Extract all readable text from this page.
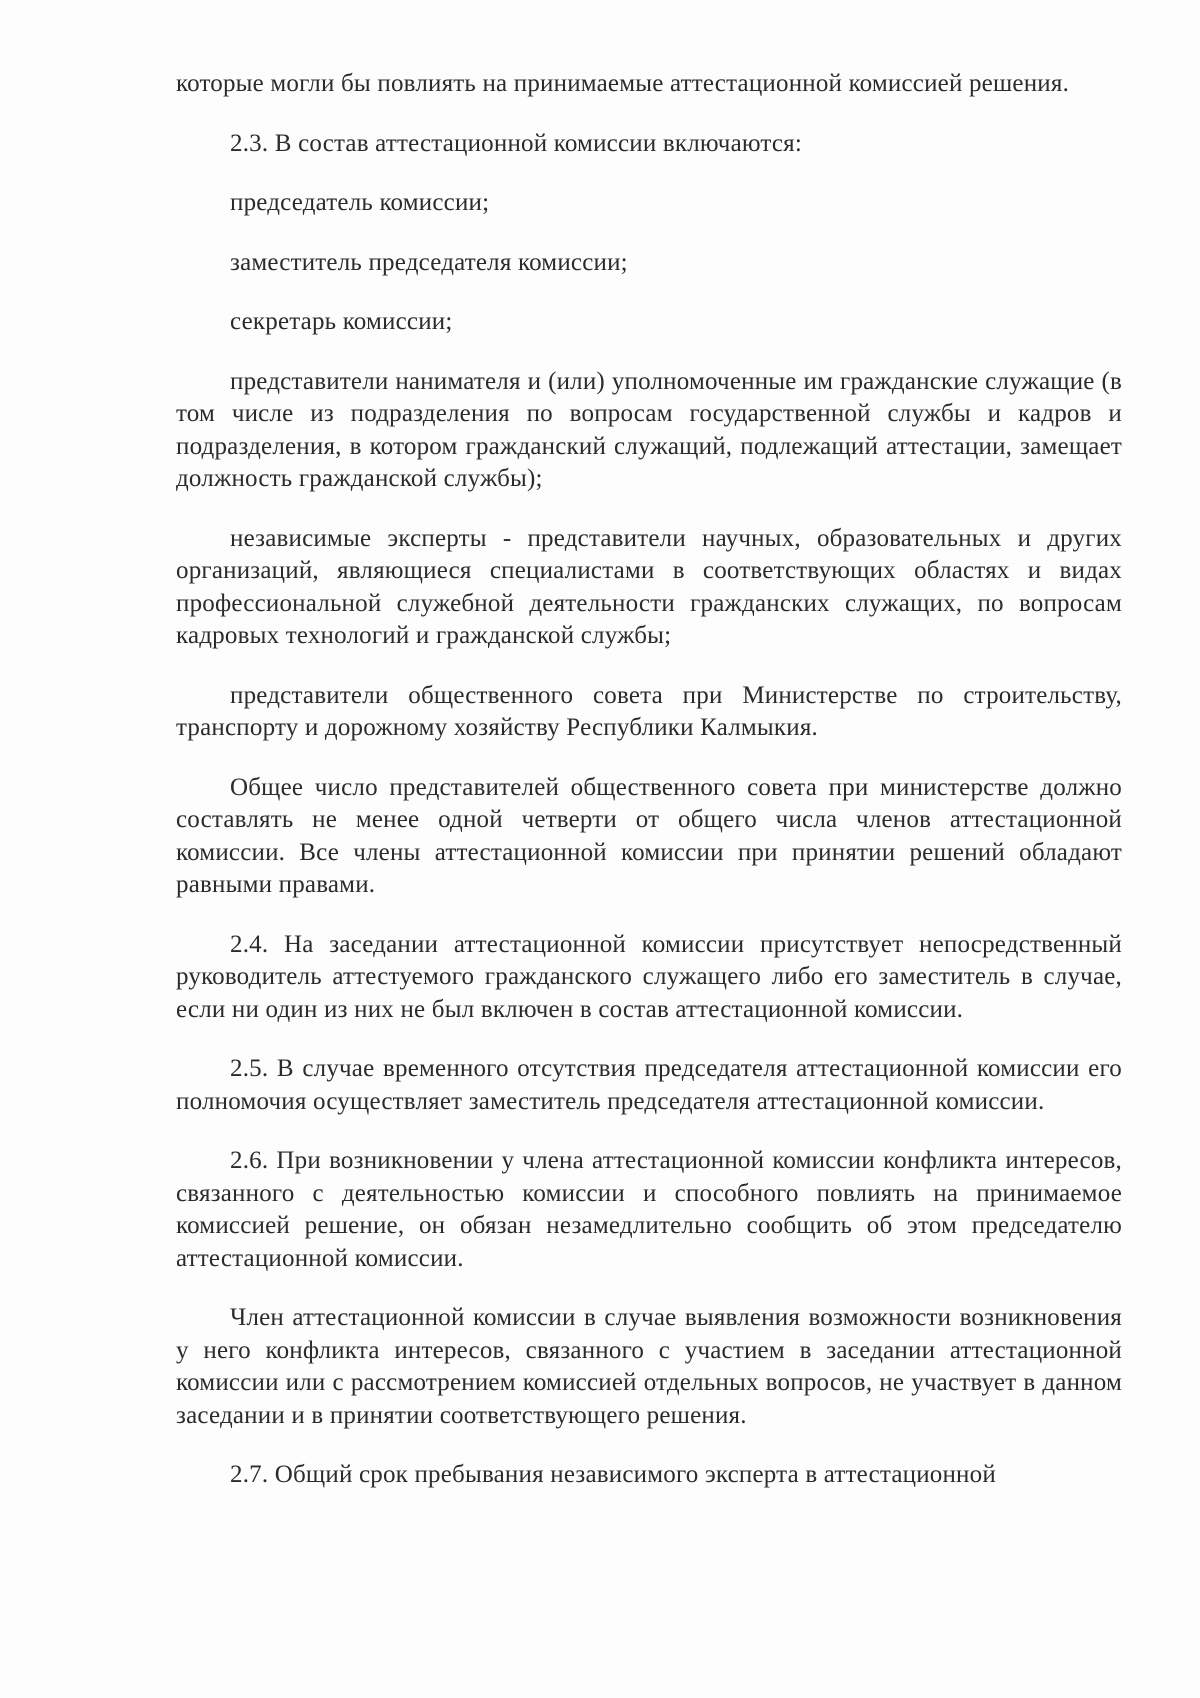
которые могли бы повлиять на принимаемые аттестационной комиссией решения.

2.3. В состав аттестационной комиссии включаются:

председатель комиссии;

заместитель председателя комиссии;

секретарь комиссии;

представители нанимателя и (или) уполномоченные им гражданские служащие (в том числе из подразделения по вопросам государственной службы и кадров и подразделения, в котором гражданский служащий, подлежащий аттестации, замещает должность гражданской службы);

независимые эксперты - представители научных, образовательных и других организаций, являющиеся специалистами в соответствующих областях и видах профессиональной служебной деятельности гражданских служащих, по вопросам кадровых технологий и гражданской службы;

представители общественного совета при Министерстве по строительству, транспорту и дорожному хозяйству Республики Калмыкия.

Общее число представителей общественного совета при министерстве должно составлять не менее одной четверти от общего числа членов аттестационной комиссии. Все члены аттестационной комиссии при принятии решений обладают равными правами.

2.4. На заседании аттестационной комиссии присутствует непосредственный руководитель аттестуемого гражданского служащего либо его заместитель в случае, если ни один из них не был включен в состав аттестационной комиссии.

2.5. В случае временного отсутствия председателя аттестационной комиссии его полномочия осуществляет заместитель председателя аттестационной комиссии.

2.6. При возникновении у члена аттестационной комиссии конфликта интересов, связанного с деятельностью комиссии и способного повлиять на принимаемое комиссией решение, он обязан незамедлительно сообщить об этом председателю аттестационной комиссии.

Член аттестационной комиссии в случае выявления возможности возникновения у него конфликта интересов, связанного с участием в заседании аттестационной комиссии или с рассмотрением комиссией отдельных вопросов, не участвует в данном заседании и в принятии соответствующего решения.

2.7. Общий срок пребывания независимого эксперта в аттестационной
